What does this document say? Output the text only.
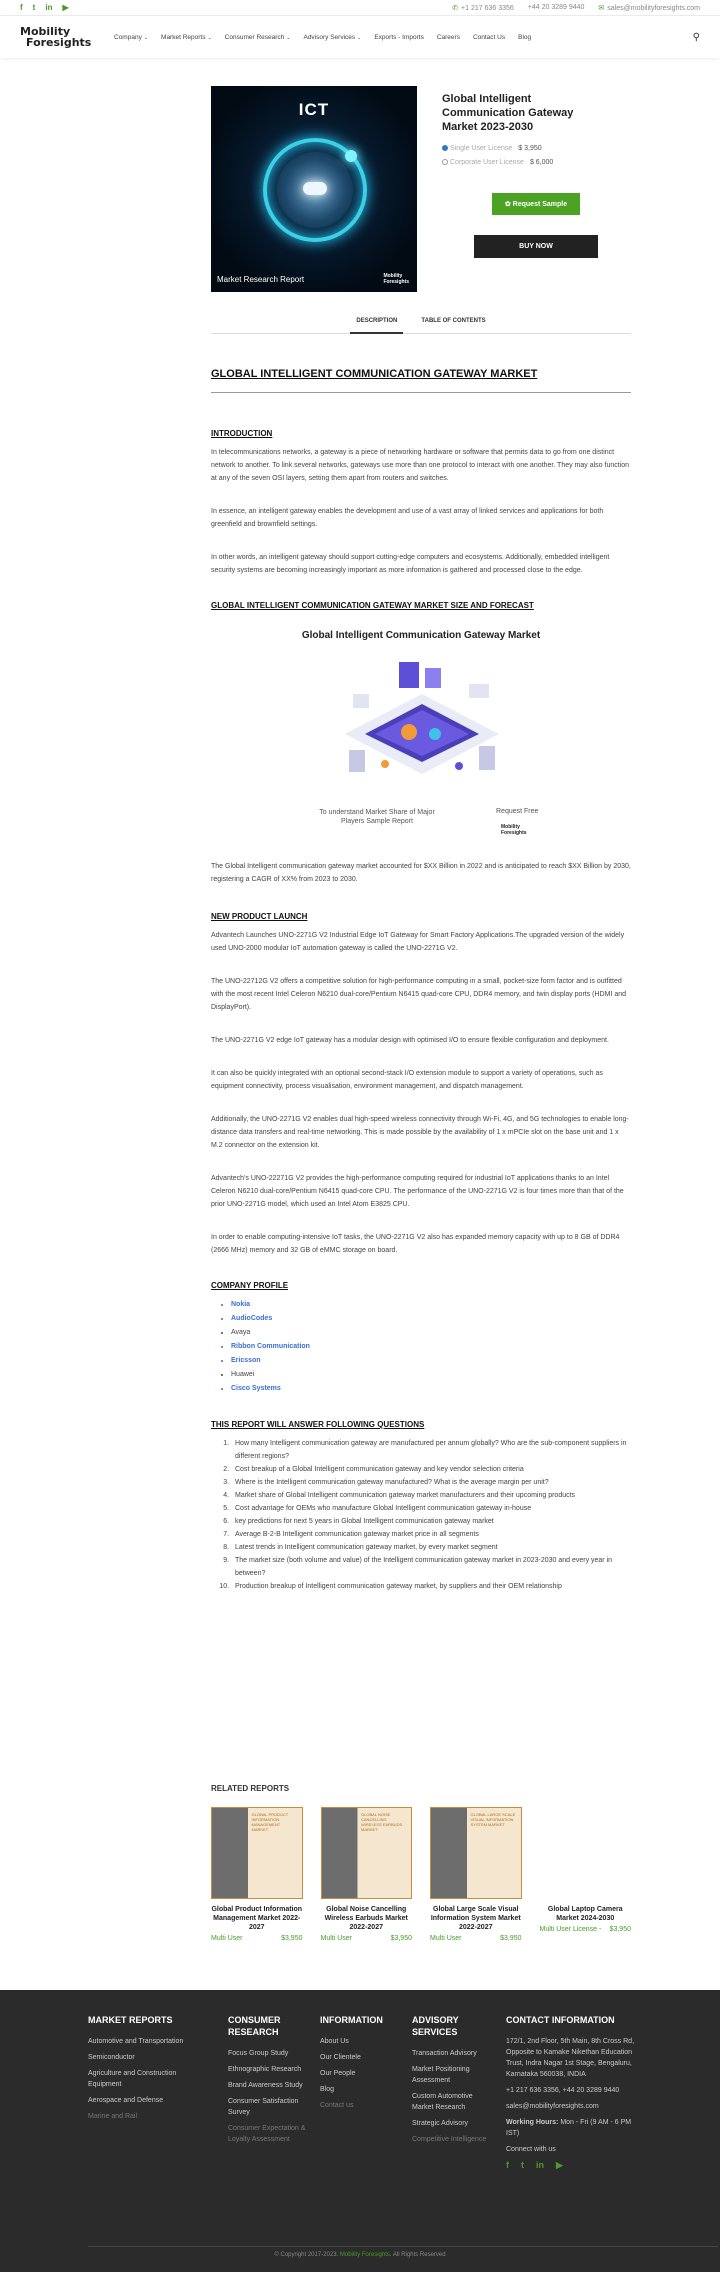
f t in ▶	✆ +1 217 636 3356 +44 20 3289 9440 ✉ sales@mobilityforesights.com
Mobility
Foresights	Company ⌄ Market Reports ⌄ Consumer Research ⌄ Advisory Services ⌄ Exports - Imports Careers Contact Us Blog	⚲
ICT
Market Research Report	Mobility
Foresights
Global Intelligent Communication Gateway Market 2023-2030
Single User License $ 3,950
Corporate User License $ 6,000
✿ Request Sample
BUY NOW
DESCRIPTION	TABLE OF CONTENTS
GLOBAL INTELLIGENT COMMUNICATION GATEWAY MARKET
INTRODUCTION

In telecommunications networks, a gateway is a piece of networking hardware or software that permits data to go from one distinct network to another. To link several networks, gateways use more than one protocol to interact with one another. They may also function at any of the seven OSI layers, setting them apart from routers and switches.

In essence, an intelligent gateway enables the development and use of a vast array of linked services and applications for both greenfield and brownfield settings.

In other words, an intelligent gateway should support cutting-edge computers and ecosystems. Additionally, embedded intelligent security systems are becoming increasingly important as more information is gathered and processed close to the edge.

GLOBAL INTELLIGENT COMMUNICATION GATEWAY MARKET SIZE AND FORECAST
Global Intelligent Communication Gateway Market
To understand Market Share of Major Players Sample Report
Request Free
Mobility
Foresights

The Global Intelligent communication gateway market accounted for $XX Billion in 2022 and is anticipated to reach $XX Billion by 2030, registering a CAGR of XX% from 2023 to 2030.

NEW PRODUCT LAUNCH

Advantech Launches UNO-2271G V2 Industrial Edge IoT Gateway for Smart Factory Applications.The upgraded version of the widely used UNO-2000 modular IoT automation gateway is called the UNO-2271G V2.

The UNO-22712G V2 offers a competitive solution for high-performance computing in a small, pocket-size form factor and is outfitted with the most recent Intel Celeron N6210 dual-core/Pentium N6415 quad-core CPU, DDR4 memory, and twin display ports (HDMI and DisplayPort).

The UNO-2271G V2 edge IoT gateway has a modular design with optimised I/O to ensure flexible configuration and deployment.

It can also be quickly integrated with an optional second-stack I/O extension module to support a variety of operations, such as equipment connectivity, process visualisation, environment management, and dispatch management.

Additionally, the UNO-2271G V2 enables dual high-speed wireless connectivity through Wi-Fi, 4G, and 5G technologies to enable long-distance data transfers and real-time networking. This is made possible by the availability of 1 x mPCIe slot on the base unit and 1 x M.2 connector on the extension kit.

Advantech's UNO-22271G V2 provides the high-performance computing required for industrial IoT applications thanks to an Intel Celeron N6210 dual-core/Pentium N6415 quad-core CPU. The performance of the UNO-2271G V2 is four times more than that of the prior UNO-2271G model, which used an Intel Atom E3825 CPU.

In order to enable computing-intensive IoT tasks, the UNO-2271G V2 also has expanded memory capacity with up to 8 GB of DDR4 (2666 MHz) memory and 32 GB of eMMC storage on board.

COMPANY PROFILE
• Nokia
• AudioCodes
• Avaya
• Ribbon Communication
• Ericsson
• Huawei
• Cisco Systems
THIS REPORT WILL ANSWER FOLLOWING QUESTIONS
1. How many Intelligent communication gateway are manufactured per annum globally? Who are the sub-component suppliers in different regions?
2. Cost breakup of a Global Intelligent communication gateway and key vendor selection criteria
3. Where is the Intelligent communication gateway manufactured? What is the average margin per unit?
4. Market share of Global Intelligent communication gateway market manufacturers and their upcoming products
5. Cost advantage for OEMs who manufacture Global Intelligent communication gateway in-house
6. key predictions for next 5 years in Global Intelligent communication gateway market
7. Average B-2-B Intelligent communication gateway market price in all segments
8. Latest trends in Intelligent communication gateway market, by every market segment
9. The market size (both volume and value) of the Intelligent communication gateway market in 2023-2030 and every year in between?
10. Production breakup of Intelligent communication gateway market, by suppliers and their OEM relationship
RELATED REPORTS
GLOBAL PRODUCT INFORMATION MANAGEMENT MARKET
Global Product Information Management Market 2022-2027
Multi User	$3,950
GLOBAL NOISE CANCELLING WIRELESS EARBUDS MARKET
Global Noise Cancelling Wireless Earbuds Market 2022-2027
Multi User	$3,950
GLOBAL LARGE SCALE VISUAL INFORMATION SYSTEM MARKET
Global Large Scale Visual Information System Market 2022-2027
Multi User	$3,950
Global Laptop Camera Market 2024-2030
Multi User License - $3,950
MARKET REPORTS
Automotive and Transportation
Semiconductor
Agriculture and Construction Equipment
Aerospace and Defense
Marine and Rail
CONSUMER RESEARCH
Focus Group Study
Ethnographic Research
Brand Awareness Study
Consumer Satisfaction Survey
Consumer Expectation & Loyalty Assessment
INFORMATION
About Us
Our Clientele
Our People
Blog
Contact us
ADVISORY SERVICES
Transaction Advisory
Market Positioning Assessment
Custom Automotive Market Research
Strategic Advisory
Competitive Intelligence
CONTACT INFORMATION
172/1, 2nd Floor, 5th Main, 8th Cross Rd, Opposite to Kamake Nikethan Education Trust, Indra Nagar 1st Stage, Bengaluru, Karnataka 560038, INDIA
+1 217 636 3356, +44 20 3289 9440
sales@mobilityforesights.com
Working Hours: Mon - Fri (9 AM - 6 PM IST)
Connect with us
f t in ▶
© Copyright 2017-2023. Mobility Foresights. All Rights Reserved
